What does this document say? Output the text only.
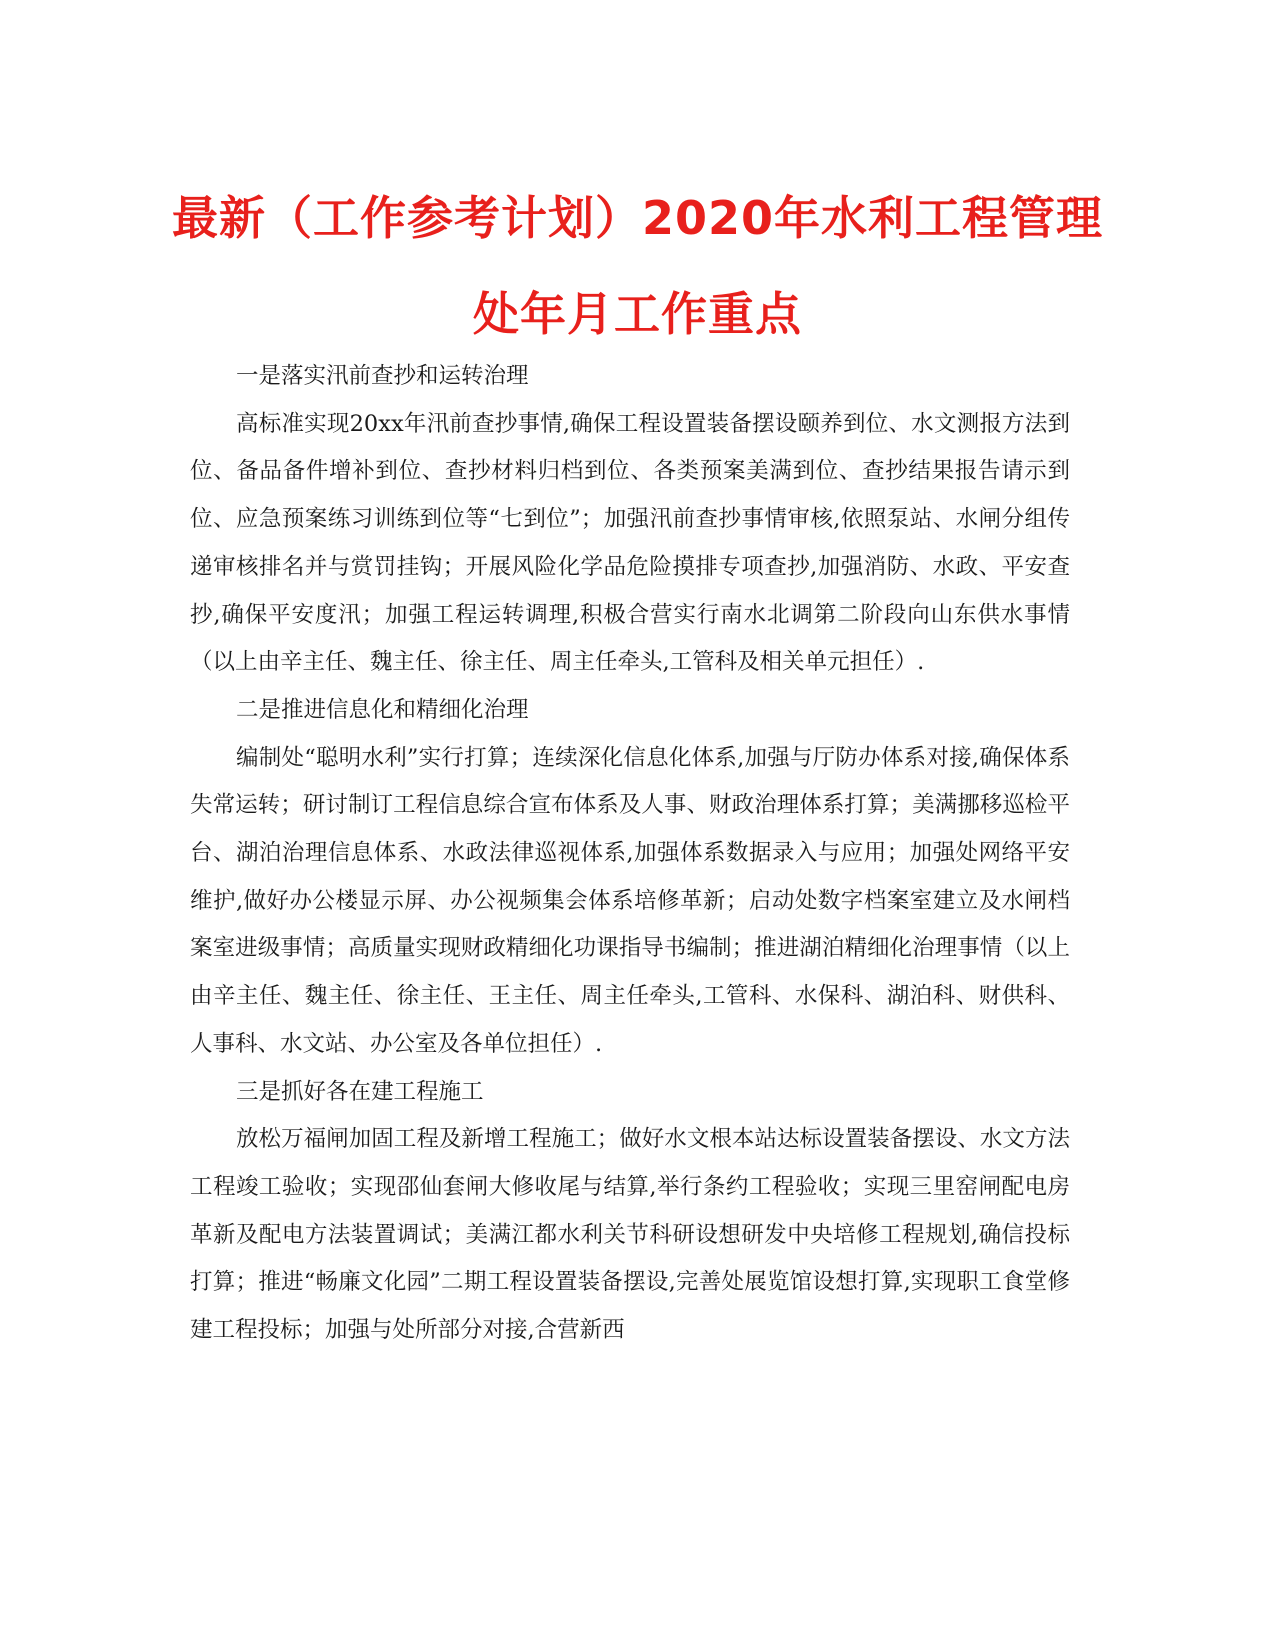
最新（工作参考计划）2020年水利工程管理处年月工作重点

一是落实汛前查抄和运转治理

高标准实现20xx年汛前查抄事情,确保工程设置装备摆设颐养到位、水文测报方法到位、备品备件增补到位、查抄材料归档到位、各类预案美满到位、查抄结果报告请示到位、应急预案练习训练到位等“七到位”；加强汛前查抄事情审核,依照泵站、水闸分组传递审核排名并与赏罚挂钩；开展风险化学品危险摸排专项查抄,加强消防、水政、平安查抄,确保平安度汛；加强工程运转调理,积极合营实行南水北调第二阶段向山东供水事情（以上由辛主任、魏主任、徐主任、周主任牵头,工管科及相关单元担任）.

二是推进信息化和精细化治理

编制处“聪明水利”实行打算；连续深化信息化体系,加强与厅防办体系对接,确保体系失常运转；研讨制订工程信息综合宣布体系及人事、财政治理体系打算；美满挪移巡检平台、湖泊治理信息体系、水政法律巡视体系,加强体系数据录入与应用；加强处网络平安维护,做好办公楼显示屏、办公视频集会体系培修革新；启动处数字档案室建立及水闸档案室进级事情；高质量实现财政精细化功课指导书编制；推进湖泊精细化治理事情（以上由辛主任、魏主任、徐主任、王主任、周主任牵头,工管科、水保科、湖泊科、财供科、人事科、水文站、办公室及各单位担任）.

三是抓好各在建工程施工

放松万福闸加固工程及新增工程施工；做好水文根本站达标设置装备摆设、水文方法工程竣工验收；实现邵仙套闸大修收尾与结算,举行条约工程验收；实现三里窑闸配电房革新及配电方法装置调试；美满江都水利关节科研设想研发中央培修工程规划,确信投标打算；推进“畅廉文化园”二期工程设置装备摆设,完善处展览馆设想打算,实现职工食堂修建工程投标；加强与处所部分对接,合营新西
